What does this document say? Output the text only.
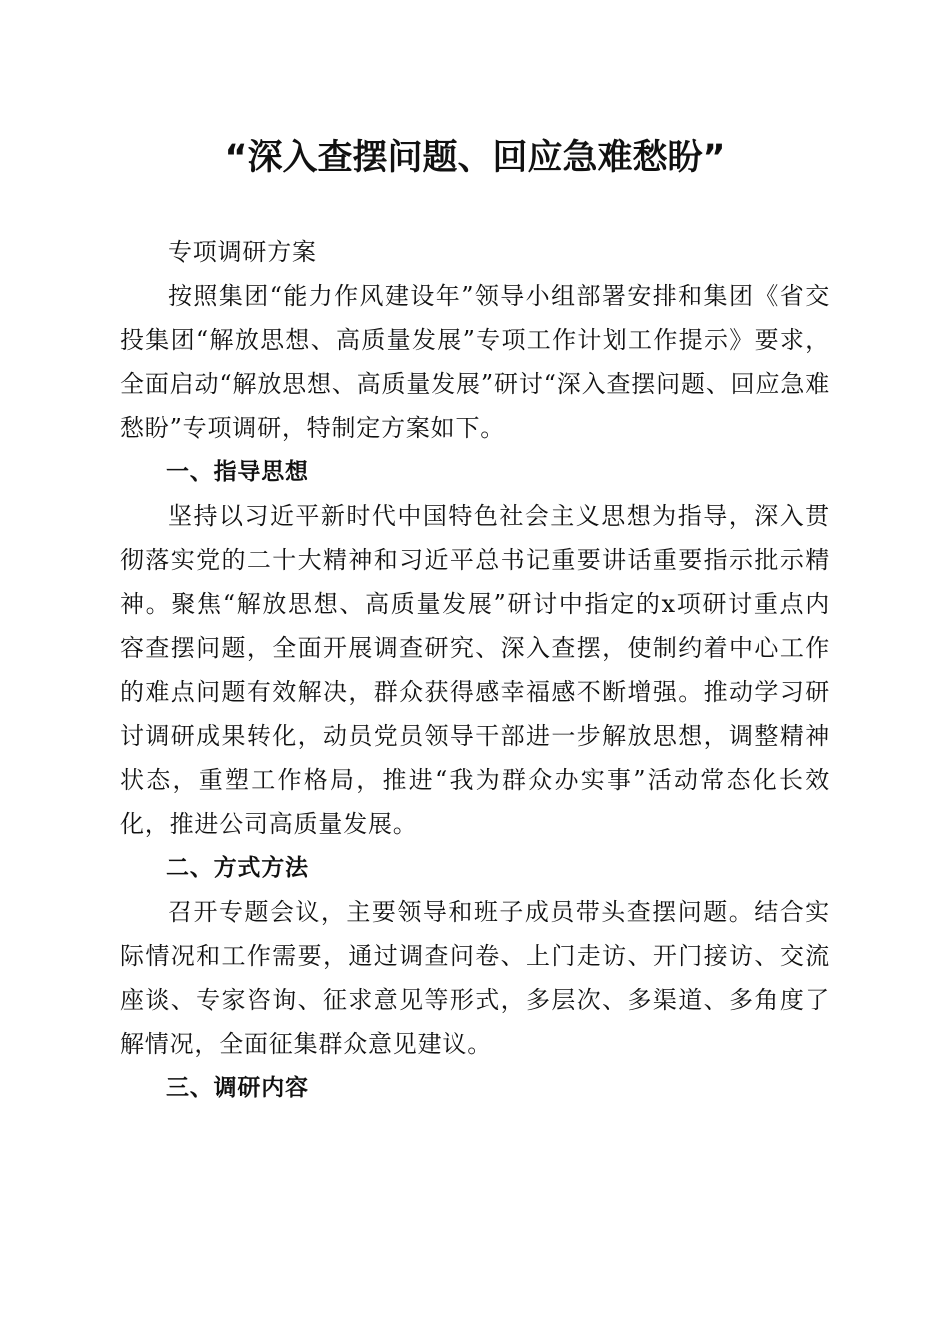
“深入查摆问题、回应急难愁盼”

专项调研方案

按照集团“能力作风建设年”领导小组部署安排和集团《省交投集团“解放思想、高质量发展”专项工作计划工作提示》要求，全面启动“解放思想、高质量发展”研讨“深入查摆问题、回应急难愁盼”专项调研，特制定方案如下。

一、指导思想

坚持以习近平新时代中国特色社会主义思想为指导，深入贯彻落实党的二十大精神和习近平总书记重要讲话重要指示批示精神。聚焦“解放思想、高质量发展”研讨中指定的x项研讨重点内容查摆问题，全面开展调查研究、深入查摆，使制约着中心工作的难点问题有效解决，群众获得感幸福感不断增强。推动学习研讨调研成果转化，动员党员领导干部进一步解放思想，调整精神状态，重塑工作格局，推进“我为群众办实事”活动常态化长效化，推进公司高质量发展。

二、方式方法

召开专题会议，主要领导和班子成员带头查摆问题。结合实际情况和工作需要，通过调查问卷、上门走访、开门接访、交流座谈、专家咨询、征求意见等形式，多层次、多渠道、多角度了解情况，全面征集群众意见建议。

三、调研内容
